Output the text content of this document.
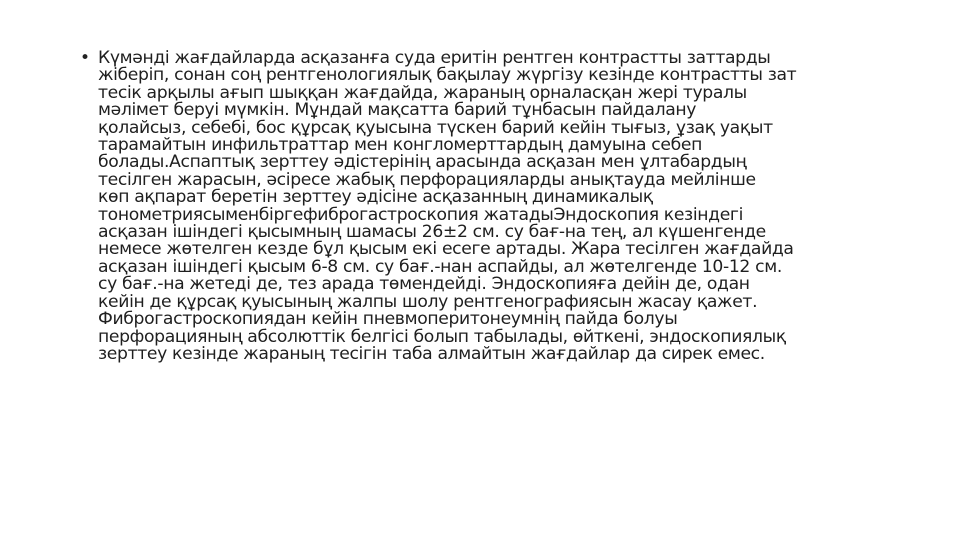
• Күмәнді жағдайларда асқазанға суда еритін рентген контрастты заттарды
жіберіп, сонан соң рентгенологиялық бақылау жүргізу кезінде контрастты зат
тесік арқылы ағып шыққан жағдайда, жараның орналасқан жері туралы
мәлімет беруі мүмкін. Мұндай мақсатта барий тұнбасын пайдалану
қолайсыз, себебі, бос құрсақ қуысына түскен барий кейін тығыз, ұзақ уақыт
тарамайтын инфильтраттар мен конгломерттардың дамуына себеп
болады.Аспаптық зерттеу әдістерінің арасында асқазан мен ұлтабардың
тесілген жарасын, әсіресе жабық перфорацияларды анықтауда мейлінше
көп ақпарат беретін зерттеу әдісіне асқазанның динамикалық
тонометриясыменбіргефиброгастроскопия жатадыЭндоскопия кезіндегі
асқазан ішіндегі қысымның шамасы 26±2 см. су бағ-на тең, ал күшенгенде
немесе жөтелген кезде бұл қысым екі есеге артады. Жара тесілген жағдайда
асқазан ішіндегі қысым 6-8 см. су бағ.-нан аспайды, ал жөтелгенде 10-12 см.
су бағ.-на жетеді де, тез арада төмендейді. Эндоскопияға дейін де, одан
кейін де құрсақ қуысының жалпы шолу рентгенографиясын жасау қажет.
Фиброгастроскопиядан кейін пневмоперитонеумнің пайда болуы
перфорацияның абсолюттік белгісі болып табылады, өйткені, эндоскопиялық
зерттеу кезінде жараның тесігін таба алмайтын жағдайлар да сирек емес.
